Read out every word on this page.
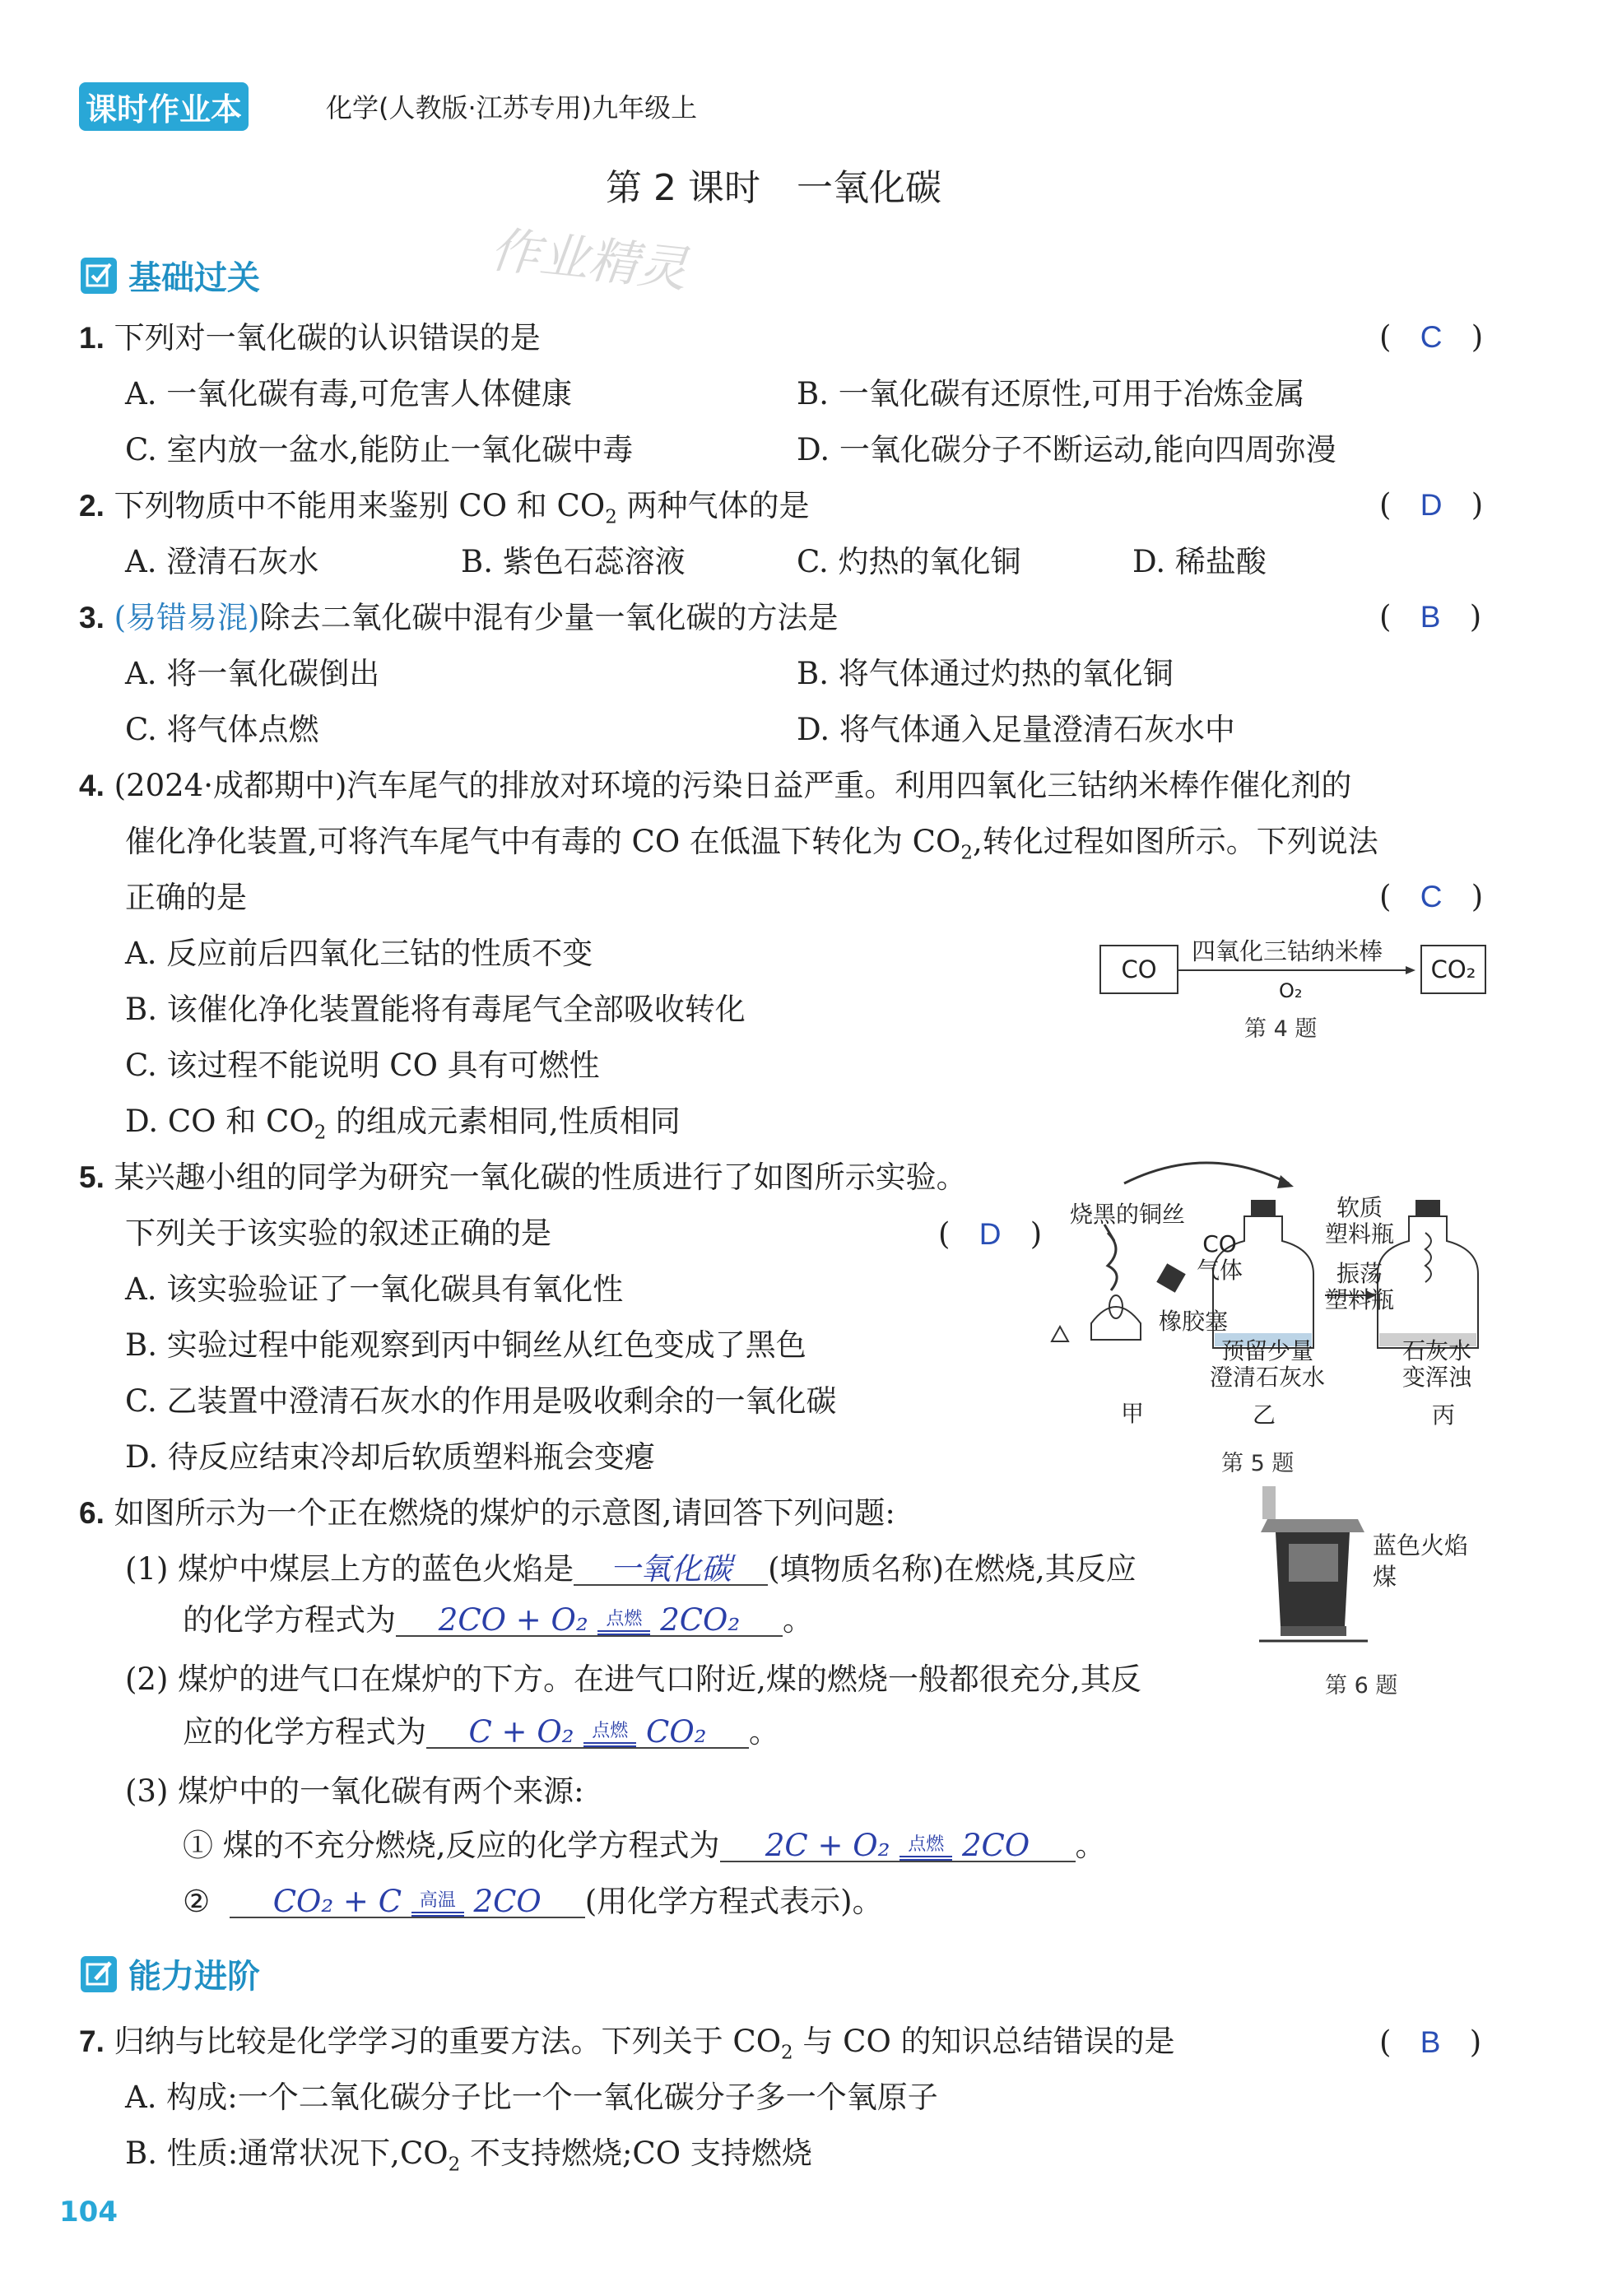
课时作业本	化学(人教版·江苏专用)九年级上
第 2 课时　一氧化碳
作业精灵
基础过关
1. 下列对一氧化碳的认识错误的是	(   C   )
A. 一氧化碳有毒,可危害人体健康	B. 一氧化碳有还原性,可用于冶炼金属
C. 室内放一盆水,能防止一氧化碳中毒	D. 一氧化碳分子不断运动,能向四周弥漫
2. 下列物质中不能用来鉴别 CO 和 $CO_2$ 两种气体的是	(   D   )
A. 澄清石灰水	B. 紫色石蕊溶液	C. 灼热的氧化铜	D. 稀盐酸
3. (易错易混)除去二氧化碳中混有少量一氧化碳的方法是	(   B   )
A. 将一氧化碳倒出	B. 将气体通过灼热的氧化铜
C. 将气体点燃	D. 将气体通入足量澄清石灰水中
4. (2024·成都期中)汽车尾气的排放对环境的污染日益严重。利用四氧化三钴纳米棒作催化剂的
催化净化装置,可将汽车尾气中有毒的 CO 在低温下转化为 $CO_2$,转化过程如图所示。下列说法
正确的是	(   C   )
A. 反应前后四氧化三钴的性质不变
B. 该催化净化装置能将有毒尾气全部吸收转化
C. 该过程不能说明 CO 具有可燃性
D. CO 和 $CO_2$ 的组成元素相同,性质相同
CO
四氧化三钴纳米棒
O₂
CO₂
第 4 题
5. 某兴趣小组的同学为研究一氧化碳的性质进行了如图所示实验。
下列关于该实验的叙述正确的是	(   D   )
A. 该实验验证了一氧化碳具有氧化性
B. 实验过程中能观察到丙中铜丝从红色变成了黑色
C. 乙装置中澄清石灰水的作用是吸收剩余的一氧化碳
D. 待反应结束冷却后软质塑料瓶会变瘪
烧黑的铜丝
CO
气体
软质
塑料瓶
橡胶塞
振荡
塑料瓶
预留少量
澄清石灰水
石灰水
变浑浊
甲	乙	丙
第 5 题
6. 如图所示为一个正在燃烧的煤炉的示意图,请回答下列问题:
(1) 煤炉中煤层上方的蓝色火焰是 一氧化碳 (填物质名称)在燃烧,其反应
的化学方程式为 2CO + O₂ 点燃 2CO₂ 。
(2) 煤炉的进气口在煤炉的下方。在进气口附近,煤的燃烧一般都很充分,其反
应的化学方程式为 C + O₂ 点燃 CO₂ 。
(3) 煤炉中的一氧化碳有两个来源:
① 煤的不充分燃烧,反应的化学方程式为 2C + O₂ 点燃 2CO 。
② CO₂ + C 高温 2CO (用化学方程式表示)。
蓝色火焰
煤
第 6 题
能力进阶
7. 归纳与比较是化学学习的重要方法。下列关于 $CO_2$ 与 CO 的知识总结错误的是	(   B   )
A. 构成:一个二氧化碳分子比一个一氧化碳分子多一个氧原子
B. 性质:通常状况下$,CO_2$ 不支持燃烧;CO 支持燃烧
104
